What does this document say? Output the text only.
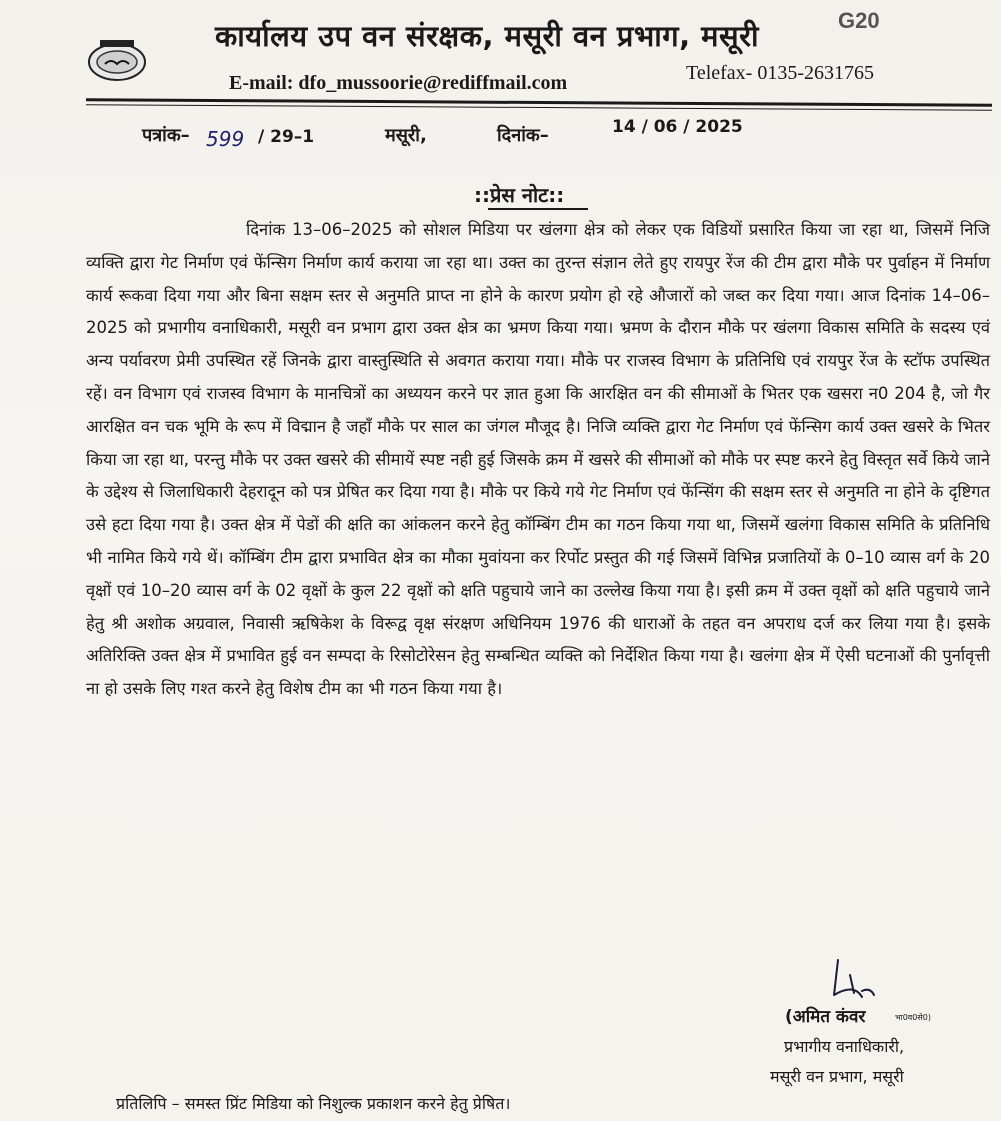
कार्यालय उप वन संरक्षक, मसूरी वन प्रभाग, मसूरी	G20
E-mail: dfo_mussoorie@rediffmail.com	Telefax- 0135-2631765
पत्रांक– 599 / 29–1	मसूरी,	दिनांक–	14 / 06 / 2025
::प्रेस नोट::

दिनांक 13–06–2025 को सोशल मिडिया पर खंलगा क्षेत्र को लेकर एक विडियों प्रसारित किया जा रहा था, जिसमें निजि व्यक्ति द्वारा गेट निर्माण एवं फेंन्सिग निर्माण कार्य कराया जा रहा था। उक्त का तुरन्त संज्ञान लेते हुए रायपुर रेंज की टीम द्वारा मौके पर पुर्वाहन में निर्माण कार्य रूकवा दिया गया और बिना सक्षम स्तर से अनुमति प्राप्त ना होने के कारण प्रयोग हो रहे औजारों को जब्त कर दिया गया। आज दिनांक 14–06–2025 को प्रभागीय वनाधिकारी, मसूरी वन प्रभाग द्वारा उक्त क्षेत्र का भ्रमण किया गया। भ्रमण के दौरान मौके पर खंलगा विकास समिति के सदस्य एवं अन्य पर्यावरण प्रेमी उपस्थित रहें जिनके द्वारा वास्तुस्थिति से अवगत कराया गया। मौके पर राजस्व विभाग के प्रतिनिधि एवं रायपुर रेंज के स्टॉफ उपस्थित रहें। वन विभाग एवं राजस्व विभाग के मानचित्रों का अध्ययन करने पर ज्ञात हुआ कि आरक्षित वन की सीमाओं के भितर एक खसरा न0 204 है, जो गैर आरक्षित वन चक भूमि के रूप में विद्मान है जहाँ मौके पर साल का जंगल मौजूद है। निजि व्यक्ति द्वारा गेट निर्माण एवं फेंन्सिग कार्य उक्त खसरे के भितर किया जा रहा था, परन्तु मौके पर उक्त खसरे की सीमायें स्पष्ट नही हुई जिसके क्रम में खसरे की सीमाओं को मौके पर स्पष्ट करने हेतु विस्तृत सर्वे किये जाने के उद्देश्य से जिलाधिकारी देहरादून को पत्र प्रेषित कर दिया गया है। मौके पर किये गये गेट निर्माण एवं फेंन्सिंग की सक्षम स्तर से अनुमति ना होने के दृष्टिगत उसे हटा दिया गया है। उक्त क्षेत्र में पेडों की क्षति का आंकलन करने हेतु कॉम्बिंग टीम का गठन किया गया था, जिसमें खलंगा विकास समिति के प्रतिनिधि भी नामित किये गये थें। कॉम्बिंग टीम द्वारा प्रभावित क्षेत्र का मौका मुवांयना कर रिर्पोट प्रस्तुत की गई जिसमें विभिन्न प्रजातियों के 0–10 व्यास वर्ग के 20 वृक्षों एवं 10–20 व्यास वर्ग के 02 वृक्षों के कुल 22 वृक्षों को क्षति पहुचाये जाने का उल्लेख किया गया है। इसी क्रम में उक्त वृक्षों को क्षति पहुचाये जाने हेतु श्री अशोक अग्रवाल, निवासी ऋषिकेश के विरूद्व वृक्ष संरक्षण अधिनियम 1976 की धाराओं के तहत वन अपराध दर्ज कर लिया गया है। इसके अतिरिक्ति उक्त क्षेत्र में प्रभावित हुई वन सम्पदा के रिसोटोरेसन हेतु सम्बन्धित व्यक्ति को निर्देशित किया गया है। खलंगा क्षेत्र में ऐसी घटनाओं की पुर्नावृत्ती ना हो उसके लिए गश्त करने हेतु विशेष टीम का भी गठन किया गया है।

(अमित कंवर	भा0व0से0)
प्रभागीय वनाधिकारी,
मसूरी वन प्रभाग, मसूरी
प्रतिलिपि – समस्त प्रिंट मिडिया को निशुल्क प्रकाशन करने हेतु प्रेषित।
